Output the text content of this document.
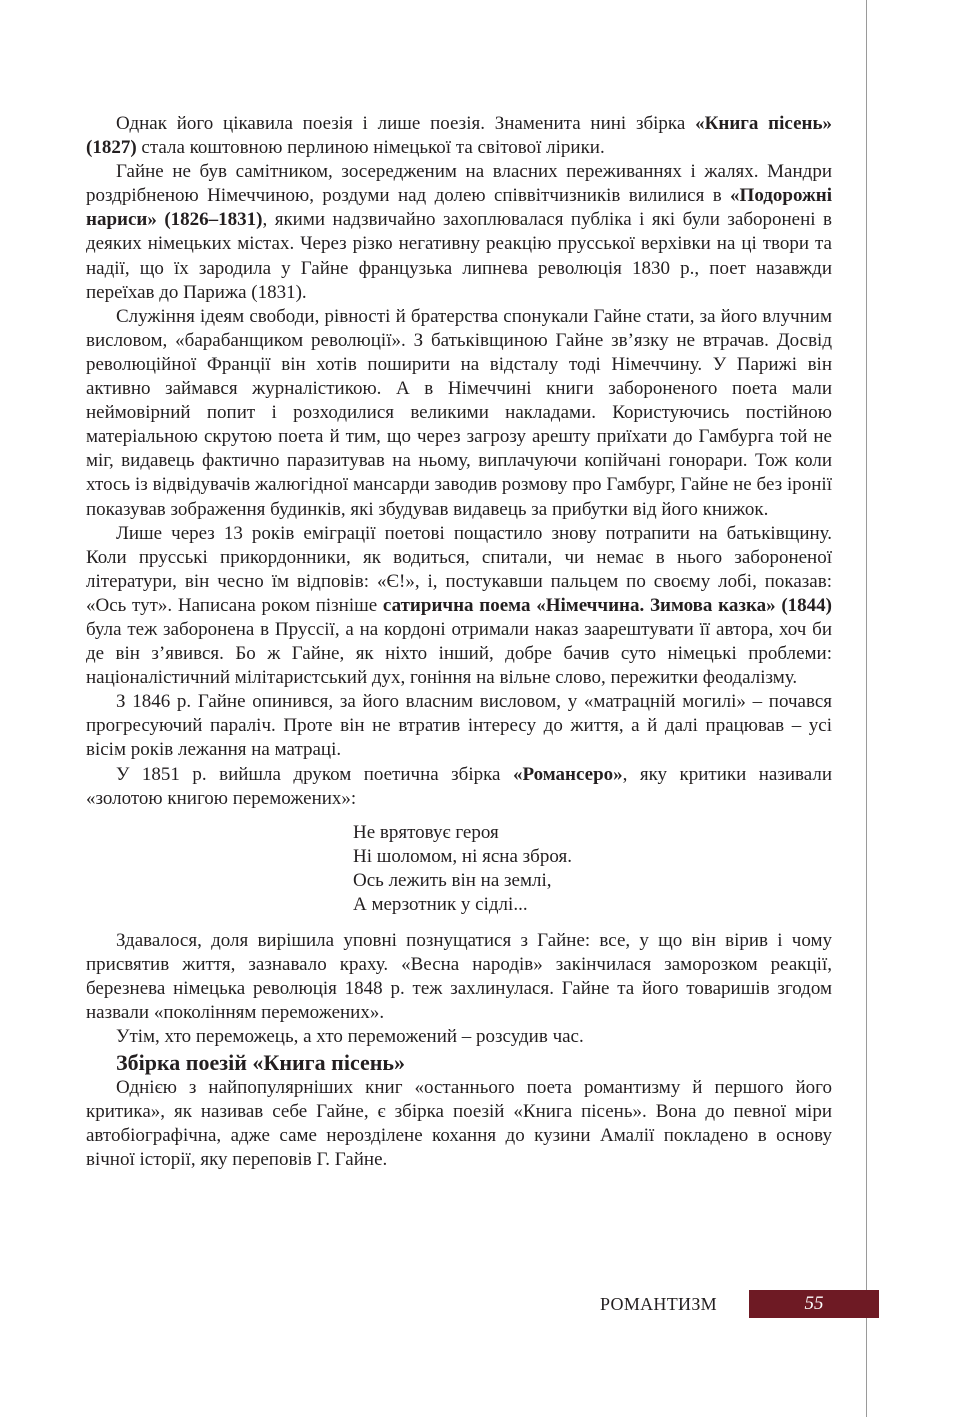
Однак його цікавила поезія і лише поезія. Знаменита нині збірка «Книга пісень» (1827) стала коштовною перлиною німецької та світової лірики.

Гайне не був самітником, зосередженим на власних переживаннях і жалях. Мандри роздрібненою Німеччиною, роздуми над долею співвітчизників вилилися в «Подорожні нариси» (1826–1831), якими надзвичайно захоплювалася публіка і які були заборонені в деяких німецьких містах. Через різко негативну реакцію прусської верхівки на ці твори та надії, що їх зародила у Гайне французька липнева революція 1830 р., поет назавжди переїхав до Парижа (1831).

Служіння ідеям свободи, рівності й братерства спонукали Гайне стати, за його влучним висловом, «барабанщиком революції». З батьківщиною Гайне зв’язку не втрачав. Досвід революційної Франції він хотів поширити на відсталу тоді Німеччину. У Парижі він активно займався журналістикою. А в Німеччині книги забороненого поета мали неймовірний попит і розходилися великими накладами. Користуючись постійною матеріальною скрутою поета й тим, що через загрозу арешту приїхати до Гамбурга той не міг, видавець фактично паразитував на ньому, виплачуючи копійчані гонорари. Тож коли хтось із відвідувачів жалюгідної мансарди заводив розмову про Гамбург, Гайне не без іронії показував зображення будинків, які збудував видавець за прибутки від його книжок.

Лише через 13 років еміграції поетові пощастило знову потрапити на батьківщину. Коли прусські прикордонники, як водиться, спитали, чи немає в нього забороненої літератури, він чесно їм відповів: «Є!», і, постукавши пальцем по своєму лобі, показав: «Ось тут». Написана роком пізніше сатирична поема «Німеччина. Зимова казка» (1844) була теж заборонена в Пруссії, а на кордоні отримали наказ заарештувати її автора, хоч би де він з’явився. Бо ж Гайне, як ніхто інший, добре бачив суто німецькі проблеми: націоналістичний мілітаристський дух, гоніння на вільне слово, пережитки феодалізму.

З 1846 р. Гайне опинився, за його власним висловом, у «матрацній могилі» – почався прогресуючий параліч. Проте він не втратив інтересу до життя, а й далі працював – усі вісім років лежання на матраці.

У 1851 р. вийшла друком поетична збірка «Романсеро», яку критики називали «золотою книгою переможених»:

Не врятовує героя
Ні шоломом, ні ясна зброя.
Ось лежить він на землі,
А мерзотник у сідлі...

Здавалося, доля вирішила уповні познущатися з Гайне: все, у що він вірив і чому присвятив життя, зазнавало краху. «Весна народів» закінчилася заморозком реакції, березнева німецька революція 1848 р. теж захлинулася. Гайне та його товаришів згодом назвали «поколінням переможених».

Утім, хто переможець, а хто переможений – розсудив час.

Збірка поезій «Книга пісень»

Однією з найпопулярніших книг «останнього поета романтизму й першого його критика», як називав себе Гайне, є збірка поезій «Книга пісень». Вона до певної міри автобіографічна, адже саме нерозділене кохання до кузини Амалії покладено в основу вічної історії, яку переповів Г. Гайне.

РОМАНТИЗМ	55
